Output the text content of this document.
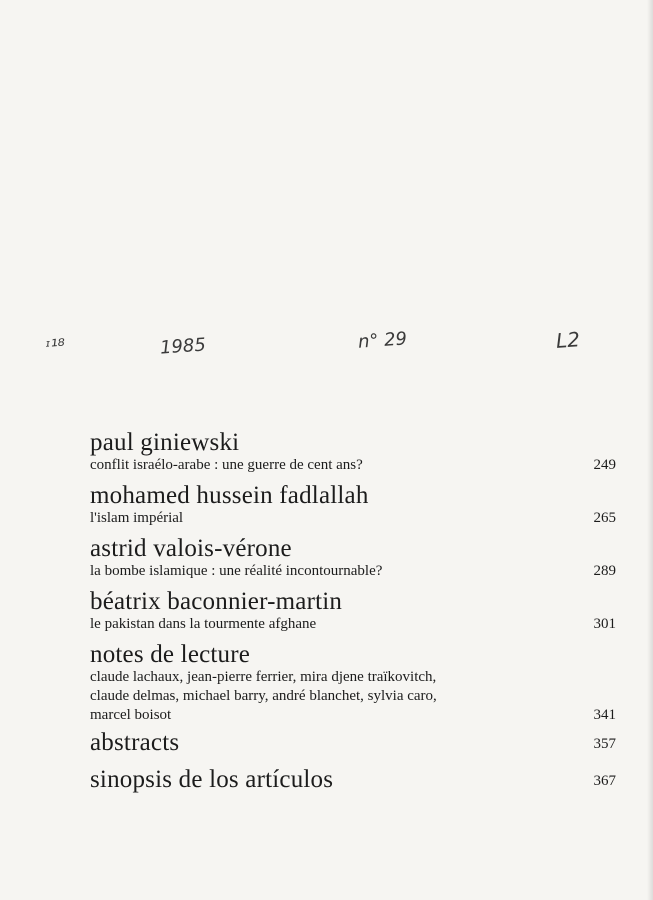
ᶦ¹⁸	1985	n° 29	L2
paul giniewski

conflit israélo-arabe : une guerre de cent ans?	249
mohamed hussein fadlallah

l'islam impérial	265
astrid valois-vérone

la bombe islamique : une réalité incontournable?	289
béatrix baconnier-martin

le pakistan dans la tourmente afghane	301
notes de lecture

claude lachaux, jean-pierre ferrier, mira djene traïkovitch,
claude delmas, michael barry, andré blanchet, sylvia caro,
marcel boisot	341
abstracts	357
sinopsis de los artículos	367
